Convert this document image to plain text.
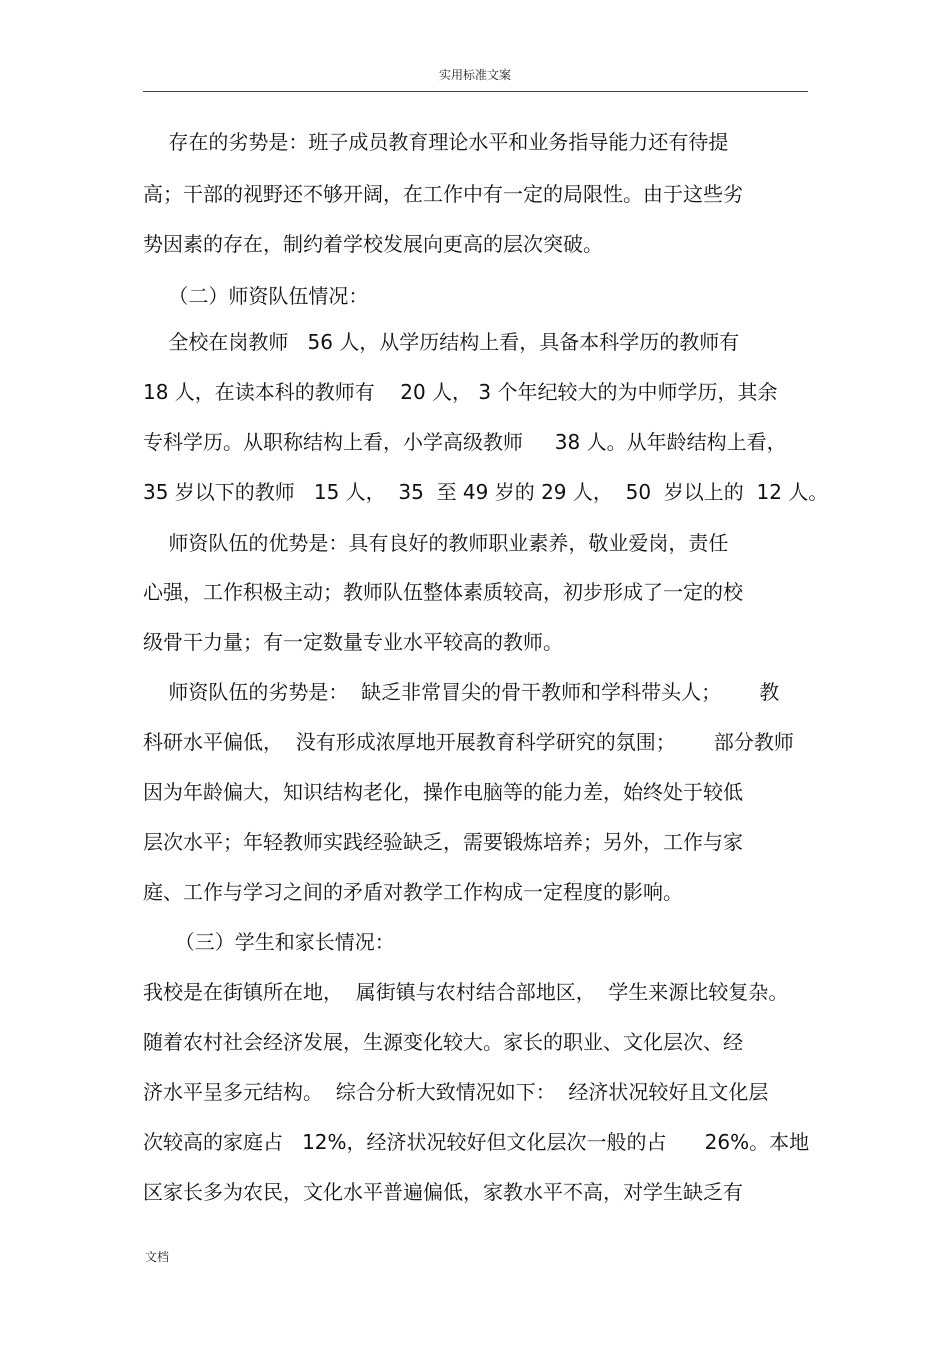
实用标准文案
存在的劣势是：班子成员教育理论水平和业务指导能力还有待提
高；干部的视野还不够开阔，在工作中有一定的局限性。由于这些劣
势因素的存在，制约着学校发展向更高的层次突破。
（二）师资队伍情况：
全校在岗教师   56 人，从学历结构上看，具备本科学历的教师有
18 人，在读本科的教师有    20 人， 3 个年纪较大的为中师学历，其余
专科学历。从职称结构上看，小学高级教师     38 人。从年龄结构上看，
35 岁以下的教师   15 人，  35  至 49 岁的 29 人，  50  岁以上的  12 人。
师资队伍的优势是：具有良好的教师职业素养，敬业爱岗，责任
心强，工作积极主动；教师队伍整体素质较高，初步形成了一定的校
级骨干力量；有一定数量专业水平较高的教师。
师资队伍的劣势是：  缺乏非常冒尖的骨干教师和学科带头人；      教
科研水平偏低，  没有形成浓厚地开展教育科学研究的氛围；      部分教师
因为年龄偏大，知识结构老化，操作电脑等的能力差，始终处于较低
层次水平；年轻教师实践经验缺乏，需要锻炼培养；另外，工作与家
庭、工作与学习之间的矛盾对教学工作构成一定程度的影响。
（三）学生和家长情况：
我校是在街镇所在地，  属街镇与农村结合部地区，  学生来源比较复杂。
随着农村社会经济发展，生源变化较大。家长的职业、文化层次、经
济水平呈多元结构。  综合分析大致情况如下：  经济状况较好且文化层
次较高的家庭占   12%，经济状况较好但文化层次一般的占      26%。本地
区家长多为农民，文化水平普遍偏低，家教水平不高，对学生缺乏有
文档
